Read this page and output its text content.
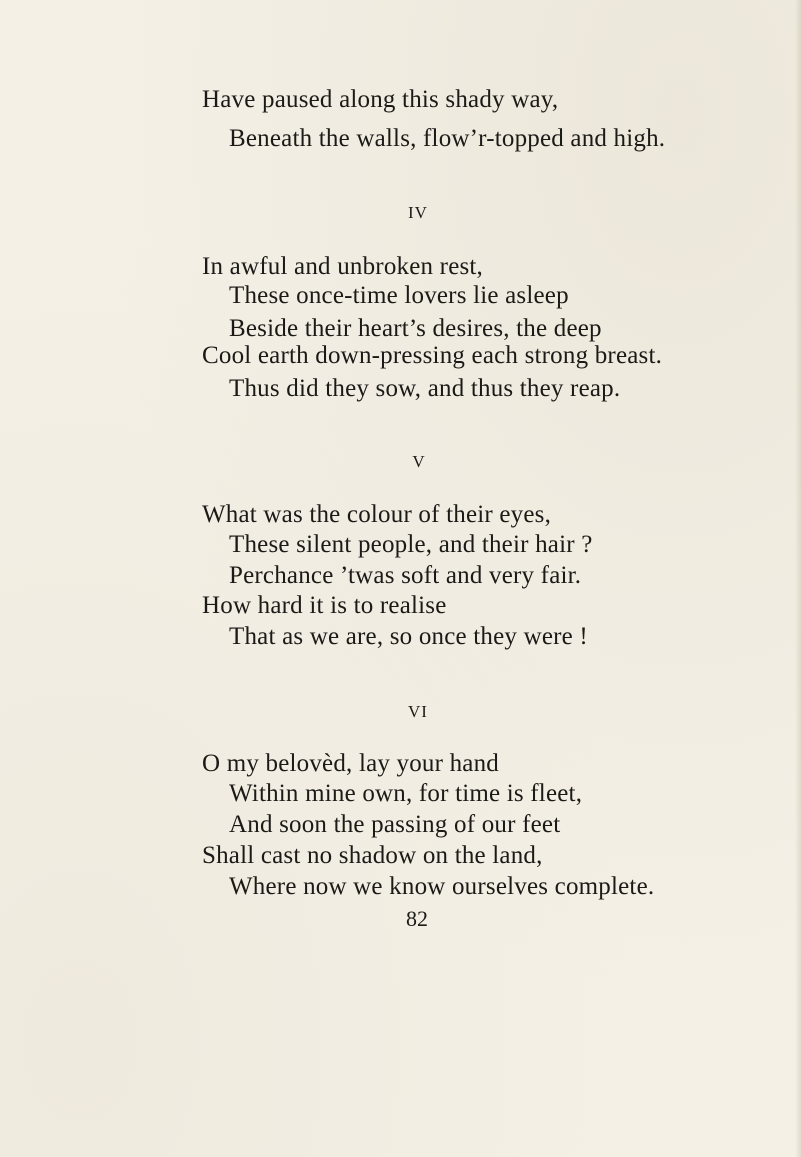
Have paused along this shady way,
Beneath the walls, flow’r-topped and high.
IV
In awful and unbroken rest,
These once-time lovers lie asleep
Beside their heart’s desires, the deep
Cool earth down-pressing each strong breast.
Thus did they sow, and thus they reap.
V
What was the colour of their eyes,
These silent people, and their hair ?
Perchance ’twas soft and very fair.
How hard it is to realise
That as we are, so once they were !
VI
O my belovèd, lay your hand
Within mine own, for time is fleet,
And soon the passing of our feet
Shall cast no shadow on the land,
Where now we know ourselves complete.
82
